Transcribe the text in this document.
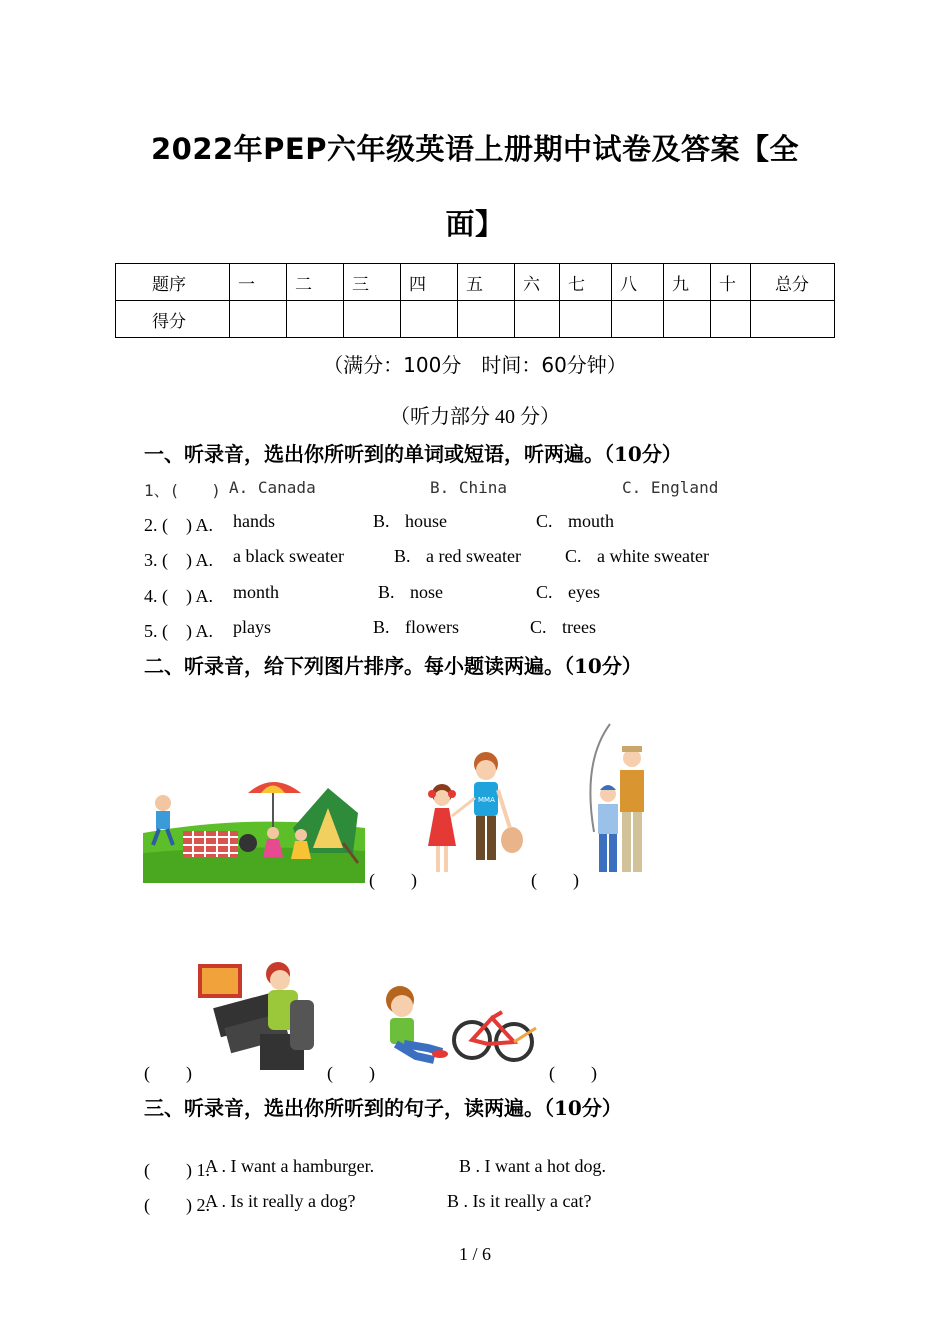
2022年PEP六年级英语上册期中试卷及答案【全
面】
题序	一	二	三	四	五	六	七	八	九	十	总分
得分											
（满分：100分　时间：60分钟）
（听力部分 40 分）
一、听录音，选出你所听到的单词或短语，听两遍。（10分）
1、(　　) A. Canada	B. China	C. England
2. (　) A. hands	B. house	C. mouth
3. (　) A. a black sweater	B. a red sweater C. a white sweater
4. (　) A. month	B. nose	C. eyes
5. (　) A. plays	B. flowers	C. trees
二、听录音，给下列图片排序。每小题读两遍。（10分）
(　　)
MMA
(　　)
(　　)	(　　)	(　　)
三、听录音，选出你所听到的句子，读两遍。（10分）
(　　) 1.
A . I want a hamburger.	B . I want a hot dog.
(　　) 2.
A . Is it really a dog?	B . Is it really a cat?
1 / 6
